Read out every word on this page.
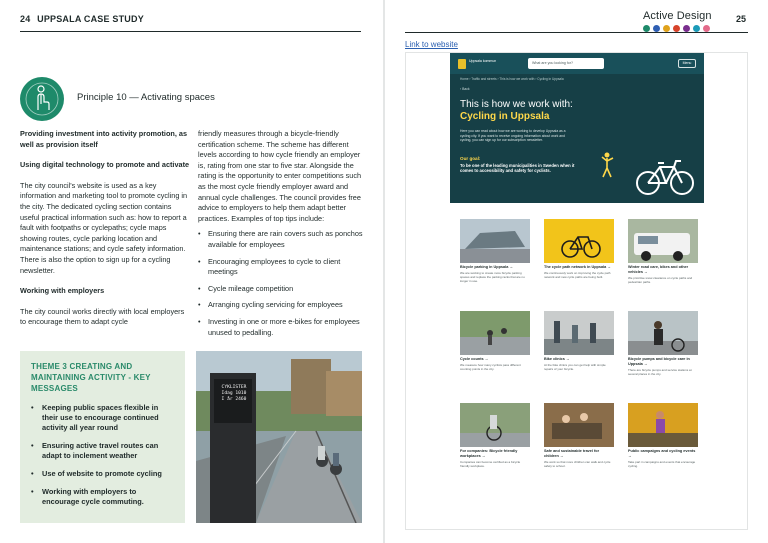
24 UPPSALA CASE STUDY
Principle 10 — Activating spaces

Providing investment into activity promotion, as well as provision itself

Using digital technology to promote and activate

The city council's website is used as a key information and marketing tool to promote cycling in the city. The dedicated cycling section contains useful practical information such as: how to report a fault with footpaths or cyclepaths; cycle maps showing routes, cycle parking location and maintenance stations; and cycle safety information. There is also the option to sign up for a cycling newsletter.

Working with employers

The city council works directly with local employers to encourage them to adapt cycle

friendly measures through a bicycle-friendly certification scheme. The scheme has different levels according to how cycle friendly an employer is, rating from one star to five star. Alongside the rating is the opportunity to enter competitions such as the most cycle friendly employer award and annual cycle challenges. The council provides free advice to employers to help them adapt better practices. Examples of top tips include:

• Ensuring there are rain covers such as ponchos available for employees
• Encouraging employees to cycle to client meetings
• Cycle mileage competition
• Arranging cycling servicing for employees
• Investing in one or more e-bikes for employees unused to pedalling.
THEME 3 CREATING AND MAINTAINING ACTIVITY - KEY MESSAGES
• Keeping public spaces flexible in their use to encourage continued activity all year round
• Ensuring active travel routes can adapt to inclement weather
• Use of website to promote cycling
• Working with employers to encourage cycle commuting.
CYKLISTER
Idag 1010
I år 2460
Active Design	25
Link to website
Uppsala kommun	What are you looking for?	Menu
Home › Traffic and streets › This is how we work with › Cycling in Uppsala
‹ Back
This is how we work with:
Cycling in Uppsala
Here you can read about how we are working to develop Uppsala as a cycling city. If you want to receive ongoing information about work and cycling, you can sign up for our subscription newsletter.
Our goal:
To be one of the leading municipalities in Sweden when it comes to accessibility and safety for cyclists.
Bicycle parking in Uppsala →
We are working to create more bicycle parking spaces and replace the parking racks that are no longer in use.
The cycle path network in Uppsala →
We continuously work on improving the cycle path network and new cycle paths are being built.
Winter road care, bikes and other vehicles →
We prioritise snow clearance on cycle paths and pedestrian paths.
Cycle counts →
We measure how many cyclists pass different counting points in the city.
Bike clinics →
At the bike clinics you can get help with simple repairs of your bicycle.
Bicycle pumps and bicycle care in Uppsala →
There are bicycle pumps and service stations at several places in the city.
For companies: Bicycle friendly workplaces →
Companies can become certified as a bicycle friendly workplace.
Safe and sustainable travel for children →
We work so that more children can walk and cycle safely to school.
Public campaigns and cycling events →
Take part in campaigns and events that encourage cycling.
